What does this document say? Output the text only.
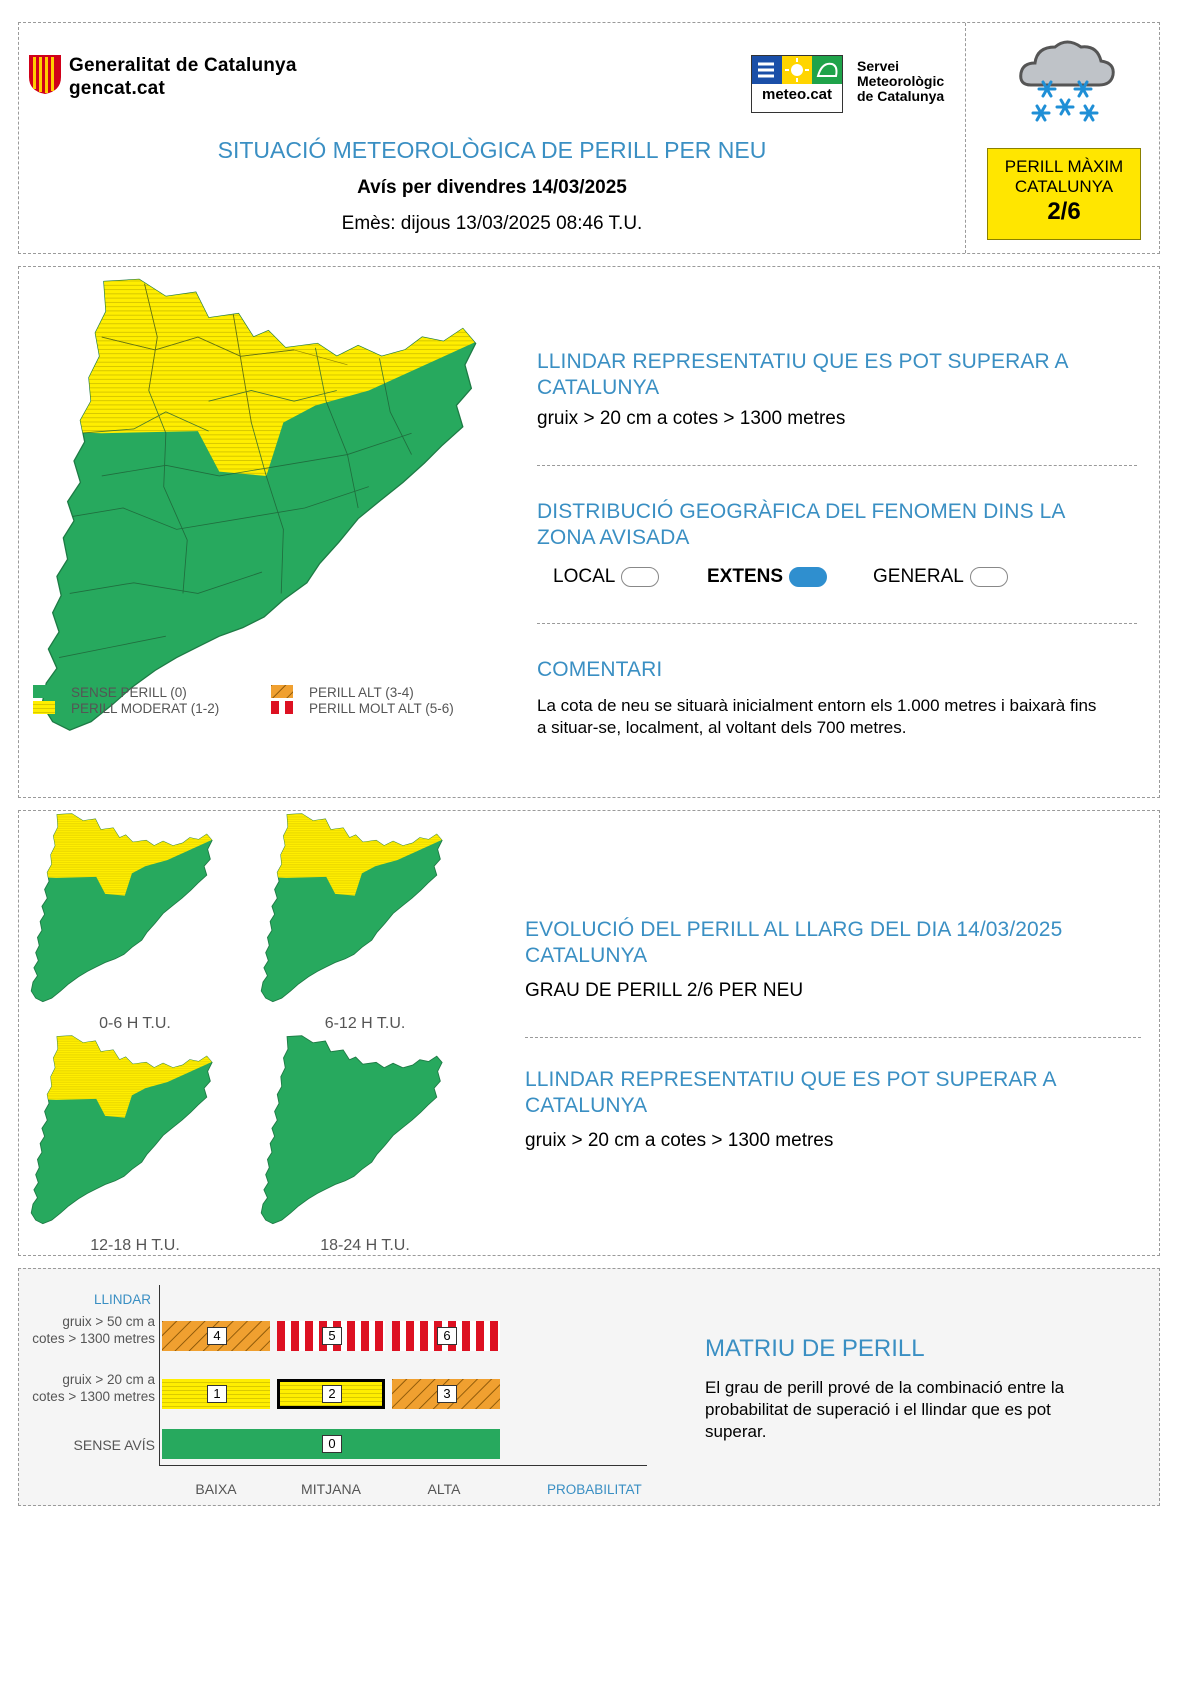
Generalitat de Catalunya
gencat.cat	meteo.cat
Servei
Meteorològic
de Catalunya
SITUACIÓ METEOROLÒGICA DE PERILL PER NEU
Avís per divendres 14/03/2025
Emès: dijous 13/03/2025 08:46 T.U.
PERILL MÀXIM
CATALUNYA
2/6
SENSE PERILL (0)
PERILL MODERAT (1-2)
PERILL ALT (3-4)
PERILL MOLT ALT (5-6)
LLINDAR REPRESENTATIU QUE ES POT SUPERAR A CATALUNYA
gruix > 20 cm a cotes > 1300 metres
DISTRIBUCIÓ GEOGRÀFICA DEL FENOMEN DINS LA ZONA AVISADA
LOCAL	EXTENS	GENERAL
COMENTARI
La cota de neu se situarà inicialment entorn els 1.000 metres i baixarà fins a situar-se, localment, al voltant dels 700 metres.
0-6 H T.U.	6-12 H T.U.
12-18 H T.U.	18-24 H T.U.
EVOLUCIÓ DEL PERILL AL LLARG DEL DIA 14/03/2025 CATALUNYA
GRAU DE PERILL 2/6 PER NEU
LLINDAR REPRESENTATIU QUE ES POT SUPERAR A CATALUNYA
gruix > 20 cm a cotes > 1300 metres
LLINDAR
gruix > 50 cm a cotes > 1300 metres
gruix > 20 cm a cotes > 1300 metres
SENSE AVÍS
4	5	6
1	2	3
0
BAIXA	MITJANA	ALTA	PROBABILITAT
MATRIU DE PERILL
El grau de perill prové de la combinació entre la probabilitat de superació i el llindar que es pot superar.
